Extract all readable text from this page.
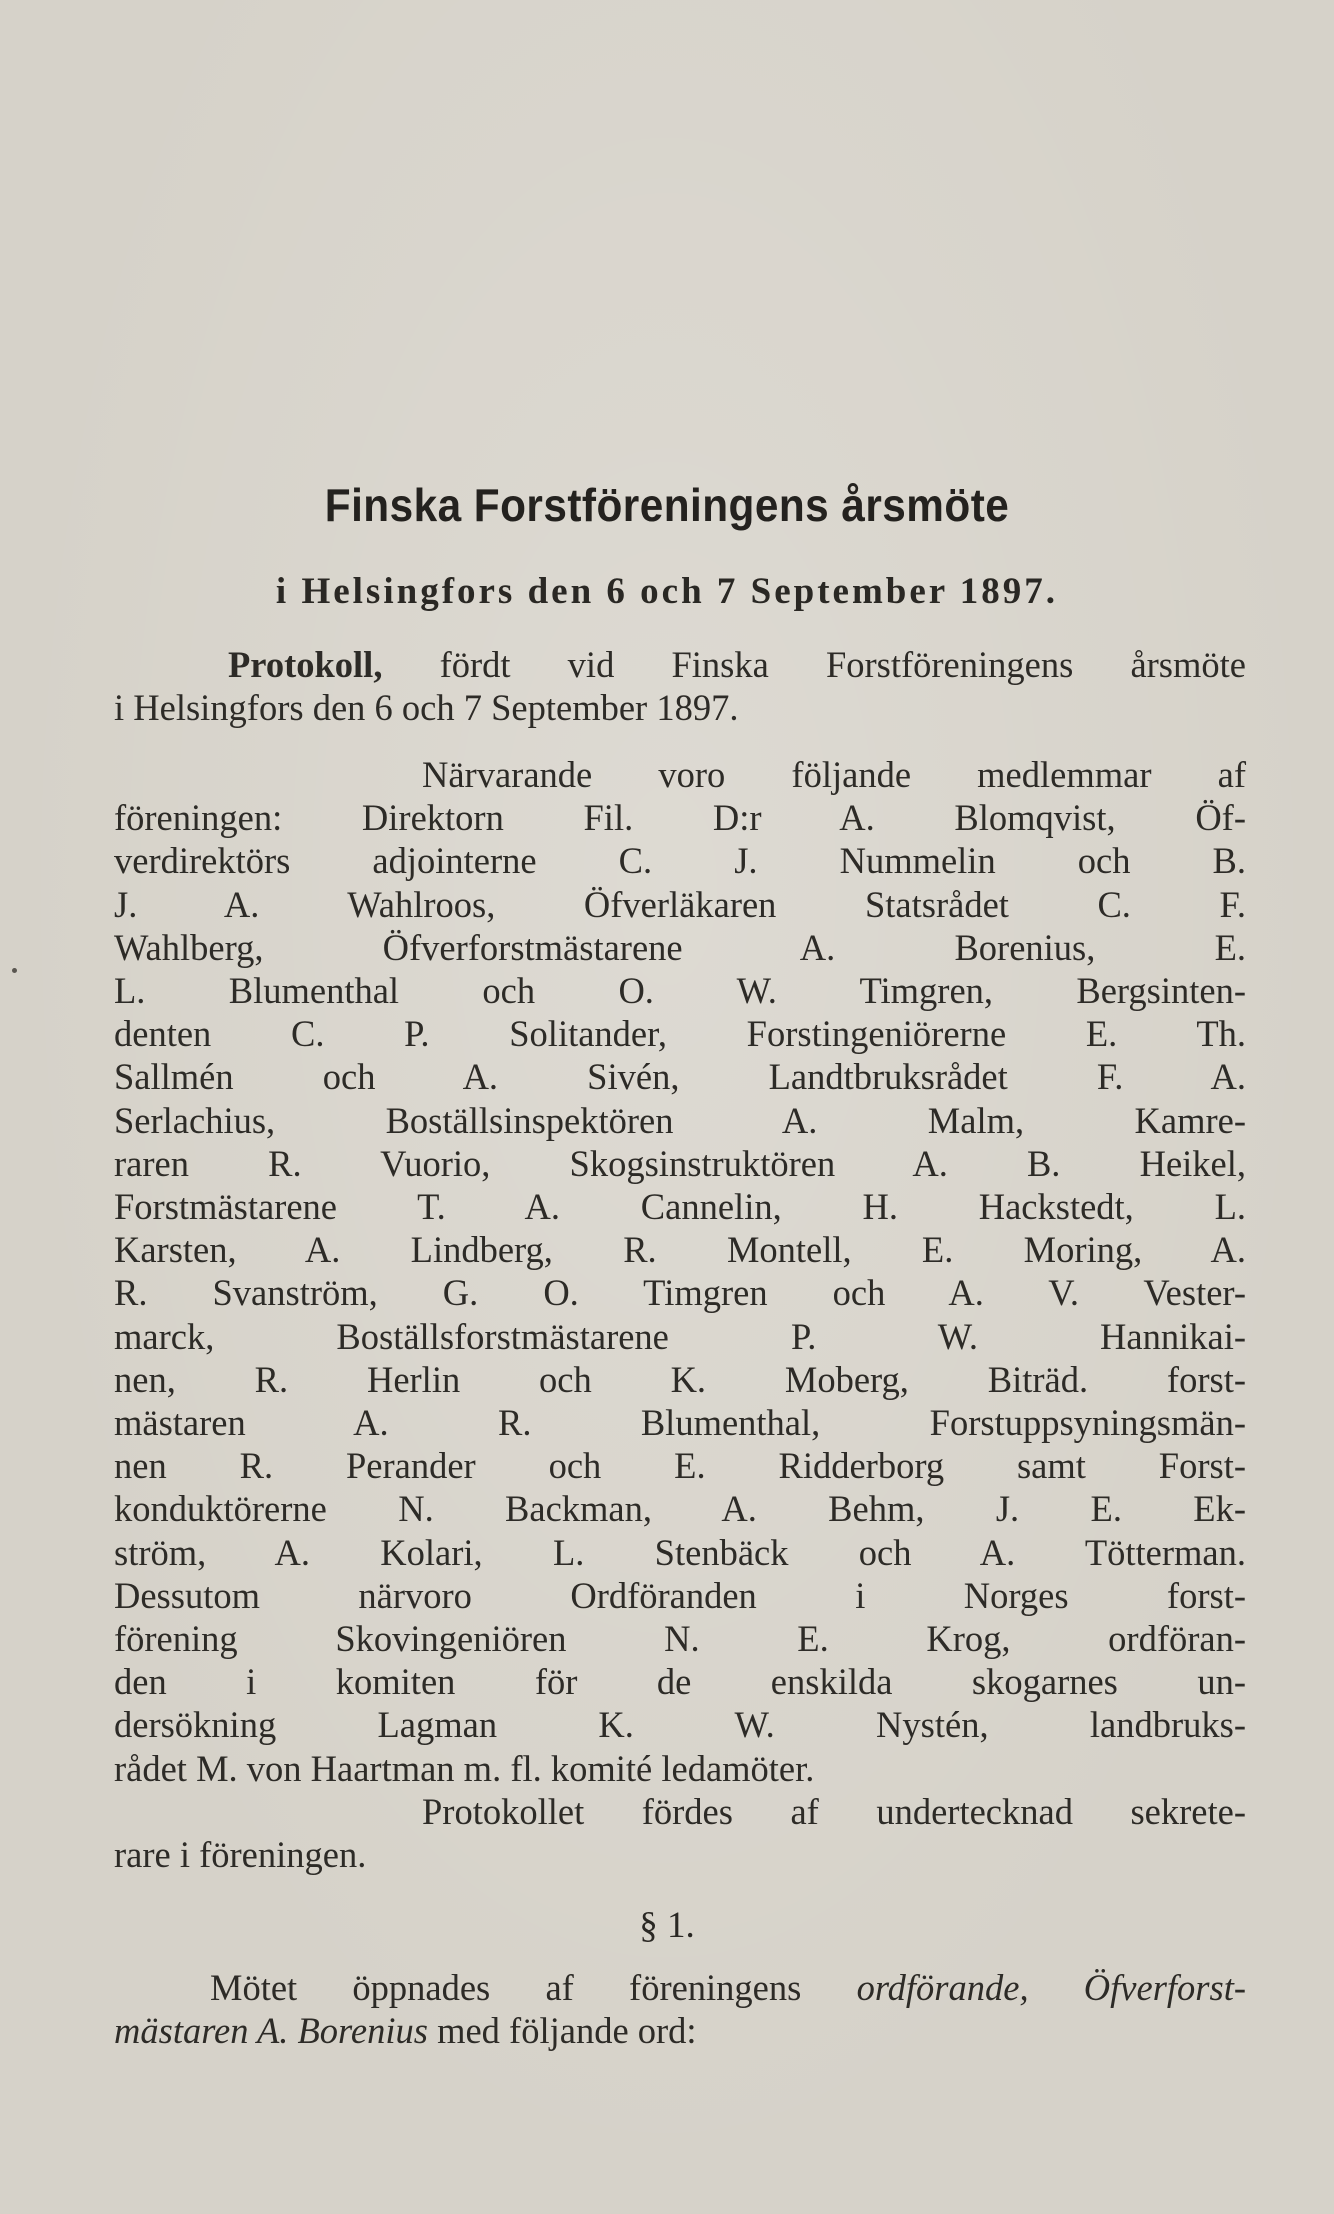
Finska Forstföreningens årsmöte

i Helsingfors den 6 och 7 September 1897.

Protokoll, fördt vid Finska Forstföreningens årsmöte
i Helsingfors den 6 och 7 September 1897.
Närvarande voro följande medlemmar af
föreningen: Direktorn Fil. D:r A. Blomqvist, Öf-
verdirektörs adjointerne C. J. Nummelin och B.
J. A. Wahlroos, Öfverläkaren Statsrådet C. F.
Wahlberg, Öfverforstmästarene A. Borenius, E.
L. Blumenthal och O. W. Timgren, Bergsinten-
denten C. P. Solitander, Forstingeniörerne E. Th.
Sallmén och A. Sivén, Landtbruksrådet F. A.
Serlachius, Boställsinspektören A. Malm, Kamre-
raren R. Vuorio, Skogsinstruktören A. B. Heikel,
Forstmästarene T. A. Cannelin, H. Hackstedt, L.
Karsten, A. Lindberg, R. Montell, E. Moring, A.
R. Svanström, G. O. Timgren och A. V. Vester-
marck, Boställsforstmästarene P. W. Hannikai-
nen, R. Herlin och K. Moberg, Biträd. forst-
mästaren A. R. Blumenthal, Forstuppsyningsmän-
nen R. Perander och E. Ridderborg samt Forst-
konduktörerne N. Backman, A. Behm, J. E. Ek-
ström, A. Kolari, L. Stenbäck och A. Tötterman.
Dessutom närvoro Ordföranden i Norges forst-
förening Skovingeniören N. E. Krog, ordföran-
den i komiten för de enskilda skogarnes un-
dersökning Lagman K. W. Nystén, landbruks-
rådet M. von Haartman m. fl. komité ledamöter.
Protokollet fördes af undertecknad sekrete-
rare i föreningen.

§ 1.

Mötet öppnades af föreningens ordförande, Öfverforst-
mästaren A. Borenius med följande ord:
